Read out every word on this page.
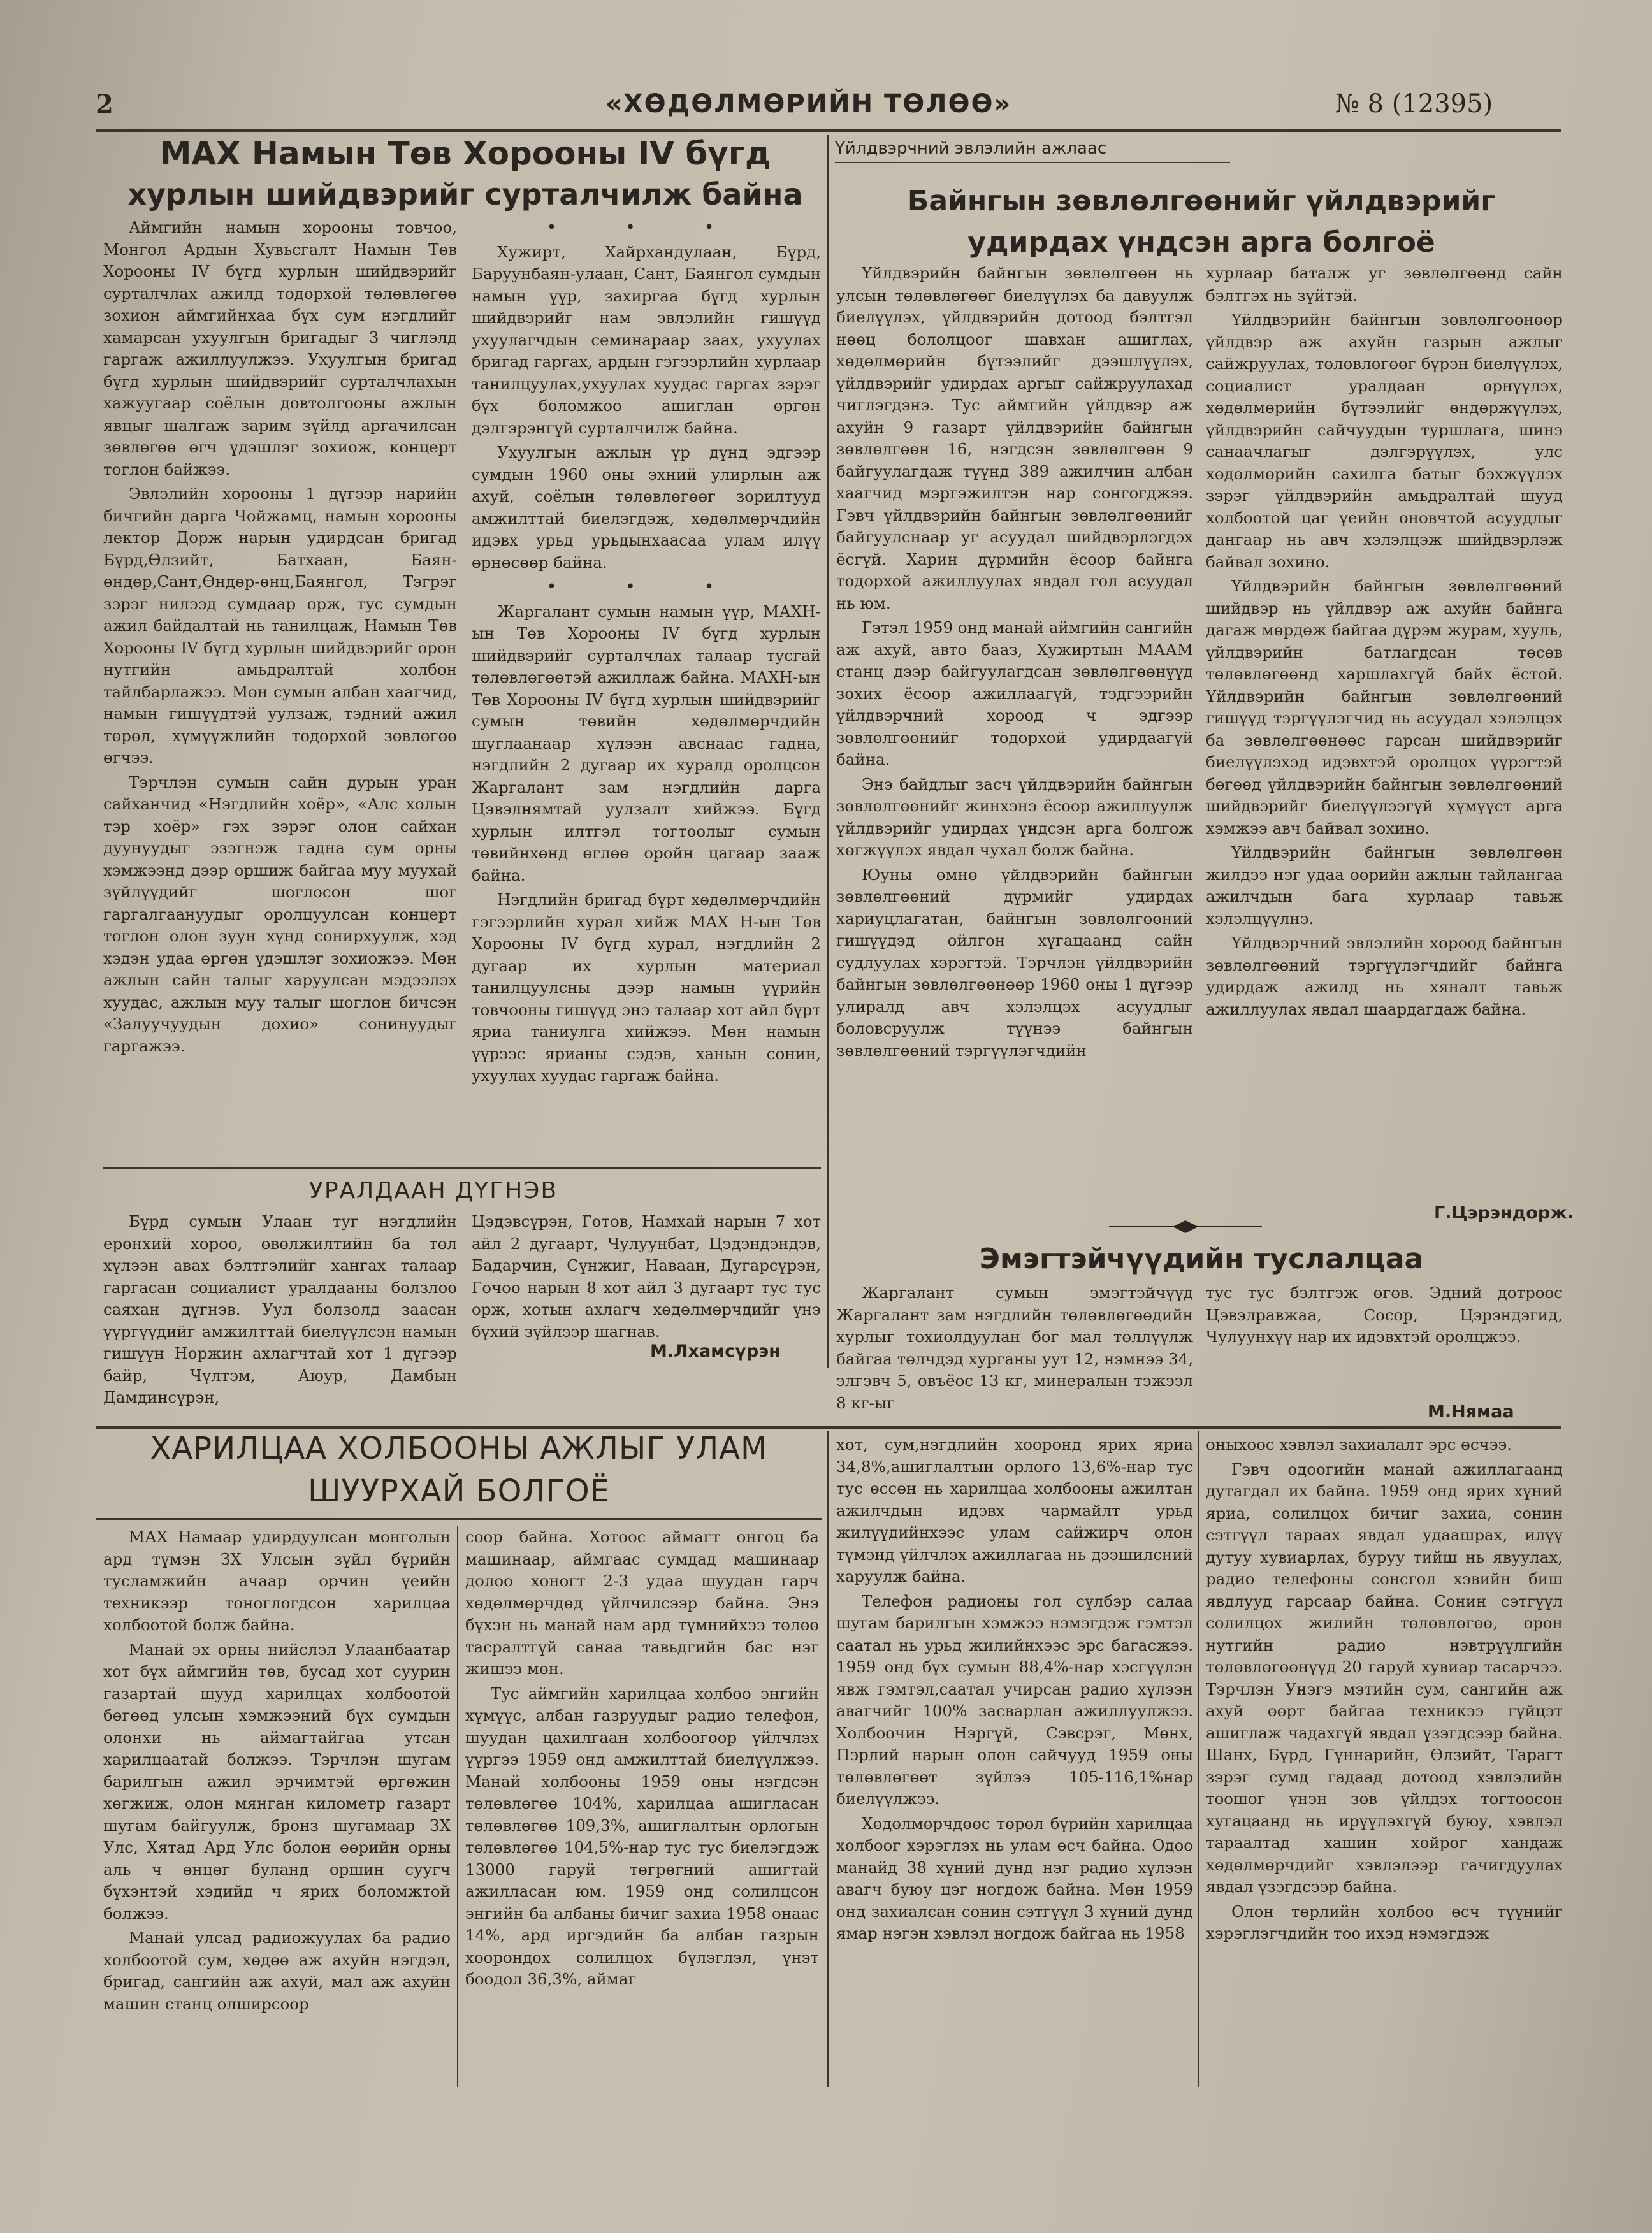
2	«ХӨДӨЛМӨРИЙН ТӨЛӨӨ»	№ 8 (12395)
МАХ Намын Төв Хорооны IV бүгд
хурлын шийдвэрийг сурталчилж байна

Аймгийн намын хорооны товчоо, Монгол Ардын Хувьсгалт Намын Төв Хорооны IV бүгд хурлын шийдвэрийг сурталчлах ажилд тодорхой төлөвлөгөө зохион аймгийнхаа бүх сум нэгдлийг хамарсан ухуулгын бригадыг 3 чиглэлд гаргаж ажиллуулжээ. Ухуулгын бригад бүгд хурлын шийдвэрийг сурталчлахын хажуугаар соёлын довтолгооны ажлын явцыг шалгаж зарим зүйлд аргачилсан зөвлөгөө өгч үдэшлэг зохиож, концерт тоглон байжээ.

Эвлэлийн хорооны 1 дүгээр нарийн бичгийн дарга Чойжамц, намын хорооны лектор Дорж нарын удирдсан бригад Бүрд,Өлзийт, Батхаан, Баян-өндөр,Сант,Өндөр-өнц,Баянгол, Тэгрэг зэрэг нилээд сумдаар орж, тус сумдын ажил байдалтай нь танилцаж, Намын Төв Хорооны IV бүгд хурлын шийдвэрийг орон нутгийн амьдралтай холбон тайлбарлажээ. Мөн сумын албан хаагчид, намын гишүүдтэй уулзаж, тэдний ажил төрөл, хүмүүжлийн тодорхой зөвлөгөө өгчээ.

Тэрчлэн сумын сайн дурын уран сайханчид «Нэгдлийн хоёр», «Алс холын тэр хоёр» гэх зэрэг олон сайхан дуунуудыг эзэгнэж гадна сум орны хэмжээнд дээр оршиж байгаа муу муухай зүйлүүдийг шоглосон шог гаргалгаануудыг оролцуулсан концерт тоглон олон зуун хүнд сонирхуулж, хэд хэдэн удаа өргөн үдэшлэг зохиожээ. Мөн ажлын сайн талыг харуулсан мэдээлэх хуудас, ажлын муу талыг шоглон бичсэн «Залуучуудын дохио» сонинуудыг гаргажээ.

• • •

Хужирт, Хайрхандулаан, Бүрд, Баруунбаян-улаан, Сант, Баянгол сумдын намын үүр, захиргаа бүгд хурлын шийдвэрийг нам эвлэлийн гишүүд ухуулагчдын семинараар заах, ухуулах бригад гаргах, ардын гэгээрлийн хурлаар танилцуулах,ухуулах хуудас гаргах зэрэг бүх боломжоо ашиглан өргөн дэлгэрэнгүй сурталчилж байна.

Ухуулгын ажлын үр дүнд эдгээр сумдын 1960 оны эхний улирлын аж ахуй, соёлын төлөвлөгөөг зорилтууд амжилттай биелэгдэж, хөдөлмөрчдийн идэвх урьд урьдынхаасаа улам илүү өрнөсөөр байна.

• • •

Жаргалант сумын намын үүр, МАХН-ын Төв Хорооны IV бүгд хурлын шийдвэрийг сурталчлах талаар тусгай төлөвлөгөөтэй ажиллаж байна. МАХН-ын Төв Хорооны IV бүгд хурлын шийдвэрийг сумын төвийн хөдөлмөрчдийн шуглаанаар хүлээн авснаас гадна, нэгдлийн 2 дугаар их хуралд оролцсон Жаргалант зам нэгдлийн дарга Цэвэлнямтай уулзалт хийжээ. Бүгд хурлын илтгэл тогтоолыг сумын төвийнхөнд өглөө оройн цагаар зааж байна.

Нэгдлийн бригад бүрт хөдөлмөрчдийн гэгээрлийн хурал хийж МАХ Н-ын Төв Хорооны IV бүгд хурал, нэгдлийн 2 дугаар их хурлын материал танилцуулсны дээр намын үүрийн товчооны гишүүд энэ талаар хот айл бүрт яриа таниулга хийжээ. Мөн намын үүрээс ярианы сэдэв, ханын сонин, ухуулах хуудас гаргаж байна.

УРАЛДААН ДҮГНЭВ

Бүрд сумын Улаан туг нэгдлийн ерөнхий хороо, өвөлжилтийн ба төл хүлээн авах бэлтгэлийг хангах талаар гаргасан социалист уралдааны болзлоо саяхан дүгнэв. Уул болзолд заасан үүргүүдийг амжилттай биелүүлсэн намын гишүүн Норжин ахлагчтай хот 1 дүгээр байр, Чүлтэм, Аюур, Дамбын Дамдинсүрэн,

Цэдэвсүрэн, Готов, Намхай нарын 7 хот айл 2 дугаарт, Чулуунбат, Цэдэндэндэв, Бадарчин, Сүнжиг, Наваан, Дугарсүрэн, Гочоо нарын 8 хот айл 3 дугаарт тус тус орж, хотын ахлагч хөдөлмөрчдийг үнэ бүхий зүйлээр шагнав.

М.Лхамсүрэн
Үйлдвэрчний эвлэлийн ажлаас
Байнгын зөвлөлгөөнийг үйлдвэрийг
удирдах үндсэн арга болгоё

Үйлдвэрийн байнгын зөвлөлгөөн нь улсын төлөвлөгөөг биелүүлэх ба давуулж биелүүлэх, үйлдвэрийн дотоод бэлтгэл нөөц бололцоог шавхан ашиглах, хөдөлмөрийн бүтээлийг дээшлүүлэх, үйлдвэрийг удирдах аргыг сайжруулахад чиглэгдэнэ. Тус аймгийн үйлдвэр аж ахуйн 9 газарт үйлдвэрийн байнгын зөвлөлгөөн 16, нэгдсэн зөвлөлгөөн 9 байгуулагдаж түүнд 389 ажилчин албан хаагчид мэргэжилтэн нар сонгогджээ. Гэвч үйлдвэрийн байнгын зөвлөлгөөнийг байгуулснаар уг асуудал шийдвэрлэгдэх ёсгүй. Харин дүрмийн ёсоор байнга тодорхой ажиллуулах явдал гол асуудал нь юм.

Гэтэл 1959 онд манай аймгийн сангийн аж ахуй, авто бааз, Хужиртын МААМ станц дээр байгуулагдсан зөвлөлгөөнүүд зохих ёсоор ажиллаагүй, тэдгээрийн үйлдвэрчний хороод ч эдгээр зөвлөлгөөнийг тодорхой удирдаагүй байна.

Энэ байдлыг засч үйлдвэрийн байнгын зөвлөлгөөнийг жинхэнэ ёсоор ажиллуулж үйлдвэрийг удирдах үндсэн арга болгож хөгжүүлэх явдал чухал болж байна.

Юуны өмнө үйлдвэрийн байнгын зөвлөлгөөний дүрмийг удирдах хариуцлагатан, байнгын зөвлөлгөөний гишүүдэд ойлгон хүгацаанд сайн судлуулах хэрэгтэй. Тэрчлэн үйлдвэрийн байнгын зөвлөлгөөнөөр 1960 оны 1 дүгээр улиралд авч хэлэлцэх асуудлыг боловсруулж түүнээ байнгын зөвлөлгөөний тэргүүлэгчдийн

хурлаар баталж уг зөвлөлгөөнд сайн бэлтгэх нь зүйтэй.

Үйлдвэрийн байнгын зөвлөлгөөнөөр үйлдвэр аж ахуйн газрын ажлыг сайжруулах, төлөвлөгөөг бүрэн биелүүлэх, социалист уралдаан өрнүүлэх, хөдөлмөрийн бүтээлийг өндөржүүлэх, үйлдвэрийн сайчуудын туршлага, шинэ санаачлагыг дэлгэрүүлэх, улс хөдөлмөрийн сахилга батыг бэхжүүлэх зэрэг үйлдвэрийн амьдралтай шууд холбоотой цаг үеийн оновчтой асуудлыг дангаар нь авч хэлэлцэж шийдвэрлэж байвал зохино.

Үйлдвэрийн байнгын зөвлөлгөөний шийдвэр нь үйлдвэр аж ахуйн байнга дагаж мөрдөж байгаа дүрэм журам, хууль, үйлдвэрийн батлагдсан төсөв төлөвлөгөөнд харшлахгүй байх ёстой. Үйлдвэрийн байнгын зөвлөлгөөний гишүүд тэргүүлэгчид нь асуудал хэлэлцэх ба зөвлөлгөөнөөс гарсан шийдвэрийг биелүүлэхэд идэвхтэй оролцох үүрэгтэй бөгөөд үйлдвэрийн байнгын зөвлөлгөөний шийдвэрийг биелүүлээгүй хүмүүст арга хэмжээ авч байвал зохино.

Үйлдвэрийн байнгын зөвлөлгөөн жилдээ нэг удаа өөрийн ажлын тайлангаа ажилчдын бага хурлаар тавьж хэлэлцүүлнэ.

Үйлдвэрчний эвлэлийн хороод байнгын зөвлөлгөөний тэргүүлэгчдийг байнга удирдаж ажилд нь хяналт тавьж ажиллуулах явдал шаардагдаж байна.

Г.Цэрэндорж.
Эмэгтэйчүүдийн туслалцаа

Жаргалант сумын эмэгтэйчүүд Жаргалант зам нэгдлийн төлөвлөгөөдийн хурлыг тохиолдуулан бог мал төллүүлж байгаа төлчдэд хурганы уут 12, нэмнээ 34, элгэвч 5, овъёос 13 кг, минералын тэжээл 8 кг-ыг

тус тус бэлтгэж өгөв. Эдний дотроос Цэвэлравжаа, Сосор, Цэрэндэгид, Чулуунхүү нар их идэвхтэй оролцжээ.

М.Нямаа
ХАРИЛЦАА ХОЛБООНЫ АЖЛЫГ УЛАМ
ШУУРХАЙ БОЛГОЁ

МАХ Намаар удирдуулсан монголын ард түмэн ЗХ Улсын зүйл бүрийн тусламжийн ачаар орчин үеийн техникээр тоноглогдсон харилцаа холбоотой болж байна.

Манай эх орны нийслэл Улаанбаатар хот бүх аймгийн төв, бусад хот суурин газартай шууд харилцах холбоотой бөгөөд улсын хэмжээний бүх сумдын олонхи нь аймагтайгаа утсан харилцаатай болжээ. Тэрчлэн шугам барилгын ажил эрчимтэй өргөжин хөгжиж, олон мянган километр газарт шугам байгуулж, бронз шугамаар ЗХ Улс, Хятад Ард Улс болон өөрийн орны аль ч өнцөг буланд оршин суугч бүхэнтэй хэдийд ч ярих боломжтой болжээ.

Манай улсад радиожуулах ба радио холбоотой сум, хөдөө аж ахуйн нэгдэл, бригад, сангийн аж ахуй, мал аж ахуйн машин станц олширсоор

соор байна. Хотоос аймагт онгоц ба машинаар, аймгаас сумдад машинаар долоо хоногт 2-3 удаа шуудан гарч хөдөлмөрчдөд үйлчилсээр байна. Энэ бүхэн нь манай нам ард түмнийхээ төлөө тасралтгүй санаа тавьдгийн бас нэг жишээ мөн.

Тус аймгийн харилцаа холбоо энгийн хүмүүс, албан газруудыг радио телефон, шуудан цахилгаан холбоогоор үйлчлэх үүргээ 1959 онд амжилттай биелүүлжээ. Манай холбооны 1959 оны нэгдсэн төлөвлөгөө 104%, харилцаа ашигласан төлөвлөгөө 109,3%, ашиглалтын орлогын төлөвлөгөө 104,5%-нар тус тус биелэгдэж 13000 гаруй төгрөгний ашигтай ажилласан юм. 1959 онд солилцсон энгийн ба албаны бичиг захиа 1958 онаас 14%, ард иргэдийн ба албан газрын хоорондох солилцох бүлэглэл, үнэт боодол 36,3%, аймаг

хот, сум,нэгдлийн хооронд ярих яриа 34,8%,ашиглалтын орлого 13,6%-нар тус тус өссөн нь харилцаа холбооны ажилтан ажилчдын идэвх чармайлт урьд жилүүдийнхээс улам сайжирч олон түмэнд үйлчлэх ажиллагаа нь дээшилсний харуулж байна.

Телефон радионы гол сүлбэр салаа шугам барилгын хэмжээ нэмэгдэж гэмтэл саатал нь урьд жилийнхээс эрс багасжээ. 1959 онд бүх сумын 88,4%-нар хэсгүүлэн явж гэмтэл,саатал учирсан радио хүлээн авагчийг 100% засварлан ажиллуулжээ. Холбоочин Нэргүй, Сэвсрэг, Мөнх, Пэрлий нарын олон сайчууд 1959 оны төлөвлөгөөт зүйлээ 105-116,1%нар биелүүлжээ.

Хөдөлмөрчдөөс төрөл бүрийн харилцаа холбоог хэрэглэх нь улам өсч байна. Одоо манайд 38 хүний дунд нэг радио хүлээн авагч буюу цэг ногдож байна. Мөн 1959 онд захиалсан сонин сэтгүүл 3 хүний дунд ямар нэгэн хэвлэл ногдож байгаа нь 1958

оныхоос хэвлэл захиалалт эрс өсчээ.

Гэвч одоогийн манай ажиллагаанд дутагдал их байна. 1959 онд ярих хүний яриа, солилцох бичиг захиа, сонин сэтгүүл тараах явдал удаашрах, илүү дутуу хувиарлах, буруу тийш нь явуулах, радио телефоны сонсгол хэвийн биш явдлууд гарсаар байна. Сонин сэтгүүл солилцох жилийн төлөвлөгөө, орон нутгийн радио нэвтрүүлгийн төлөвлөгөөнүүд 20 гаруй хувиар тасарчээ. Тэрчлэн Унэгэ мэтийн сум, сангийн аж ахуй өөрт байгаа техникээ гүйцэт ашиглаж чадахгүй явдал үзэгдсээр байна. Шанх, Бүрд, Гүннарийн, Өлзийт, Тарагт зэрэг сумд гадаад дотоод хэвлэлийн тоошог үнэн зөв үйлдэх тогтоосон хугацаанд нь ирүүлэхгүй буюу, хэвлэл тараалтад хашин хойрог хандаж хөдөлмөрчдийг хэвлэлээр гачигдуулах явдал үзэгдсээр байна.

Олон төрлийн холбоо өсч түүнийг хэрэглэгчдийн тоо ихэд нэмэгдэж
